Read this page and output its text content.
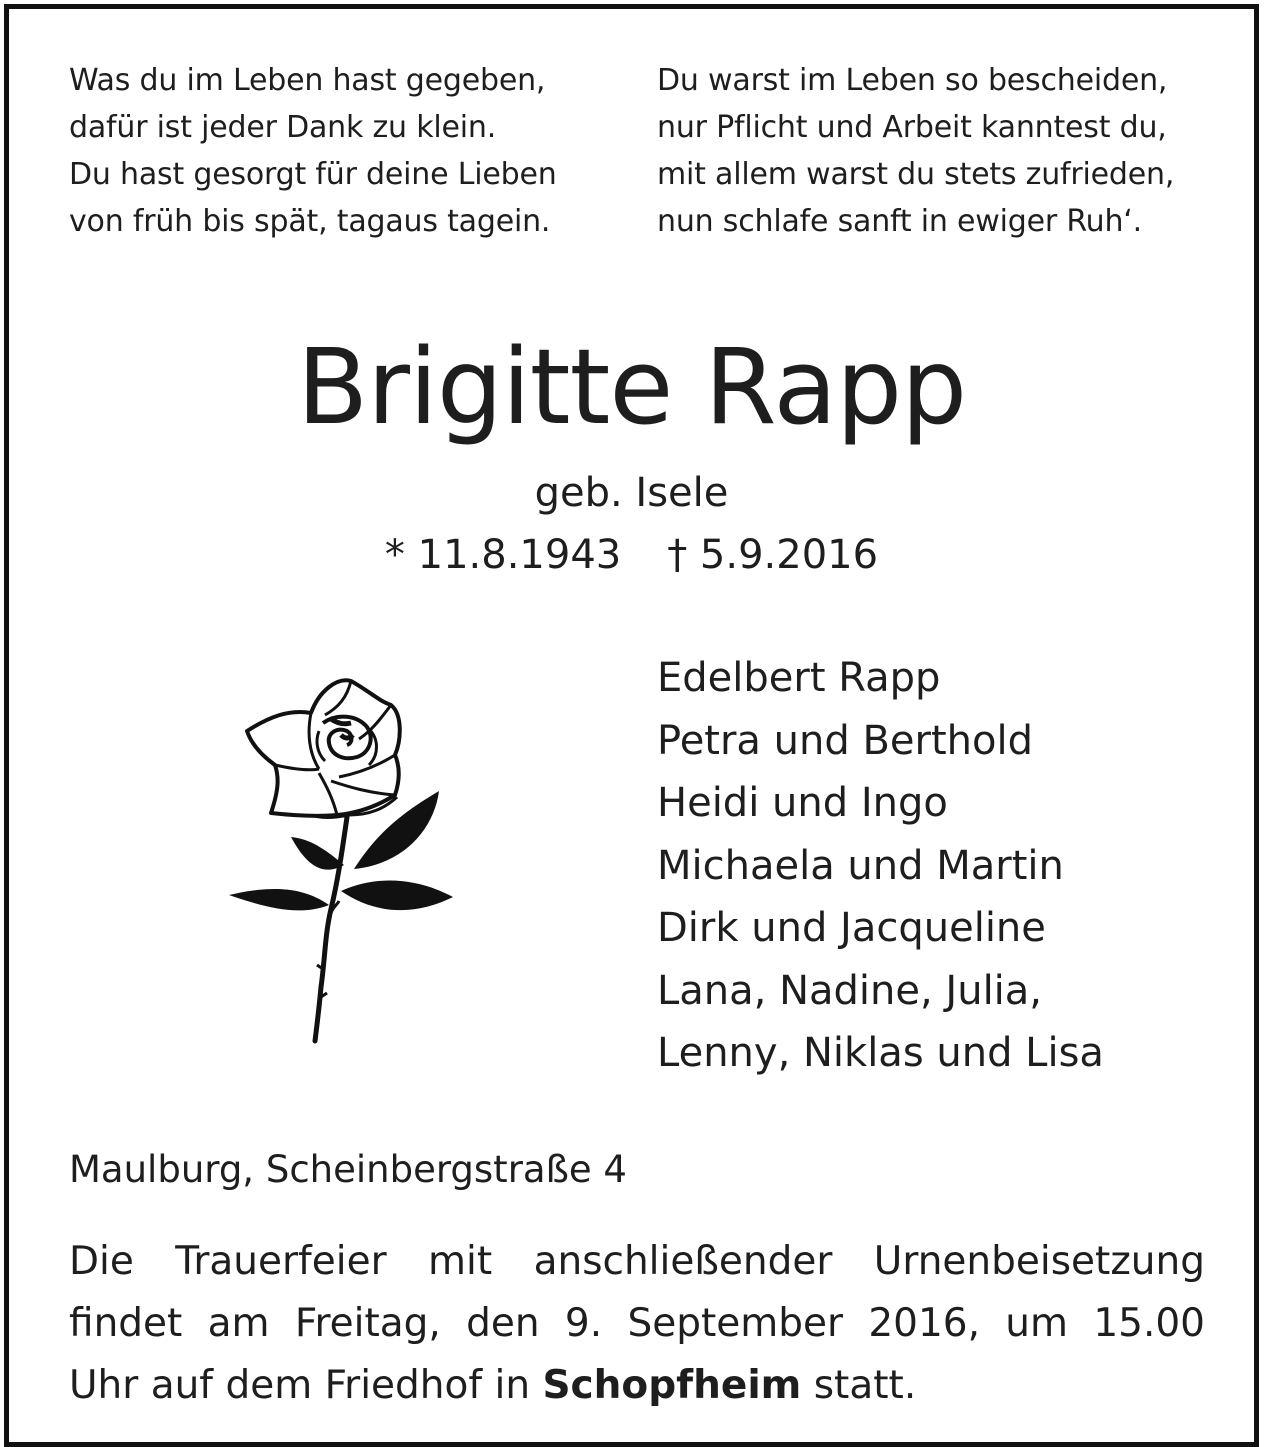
Was du im Leben hast gegeben,
dafür ist jeder Dank zu klein.
Du hast gesorgt für deine Lieben
von früh bis spät, tagaus tagein.
Du warst im Leben so bescheiden,
nur Pflicht und Arbeit kanntest du,
mit allem warst du stets zufrieden,
nun schlafe sanft in ewiger Ruh‘.
Brigitte Rapp
geb. Isele
* 11.8.1943 † 5.9.2016
Edelbert Rapp
Petra und Berthold
Heidi und Ingo
Michaela und Martin
Dirk und Jacqueline
Lana, Nadine, Julia,
Lenny, Niklas und Lisa
Maulburg, Scheinbergstraße 4
Die Trauerfeier mit anschließender Urnenbeisetzung
findet am Freitag, den 9. September 2016, um 15.00
Uhr auf dem Friedhof in Schopfheim statt.
